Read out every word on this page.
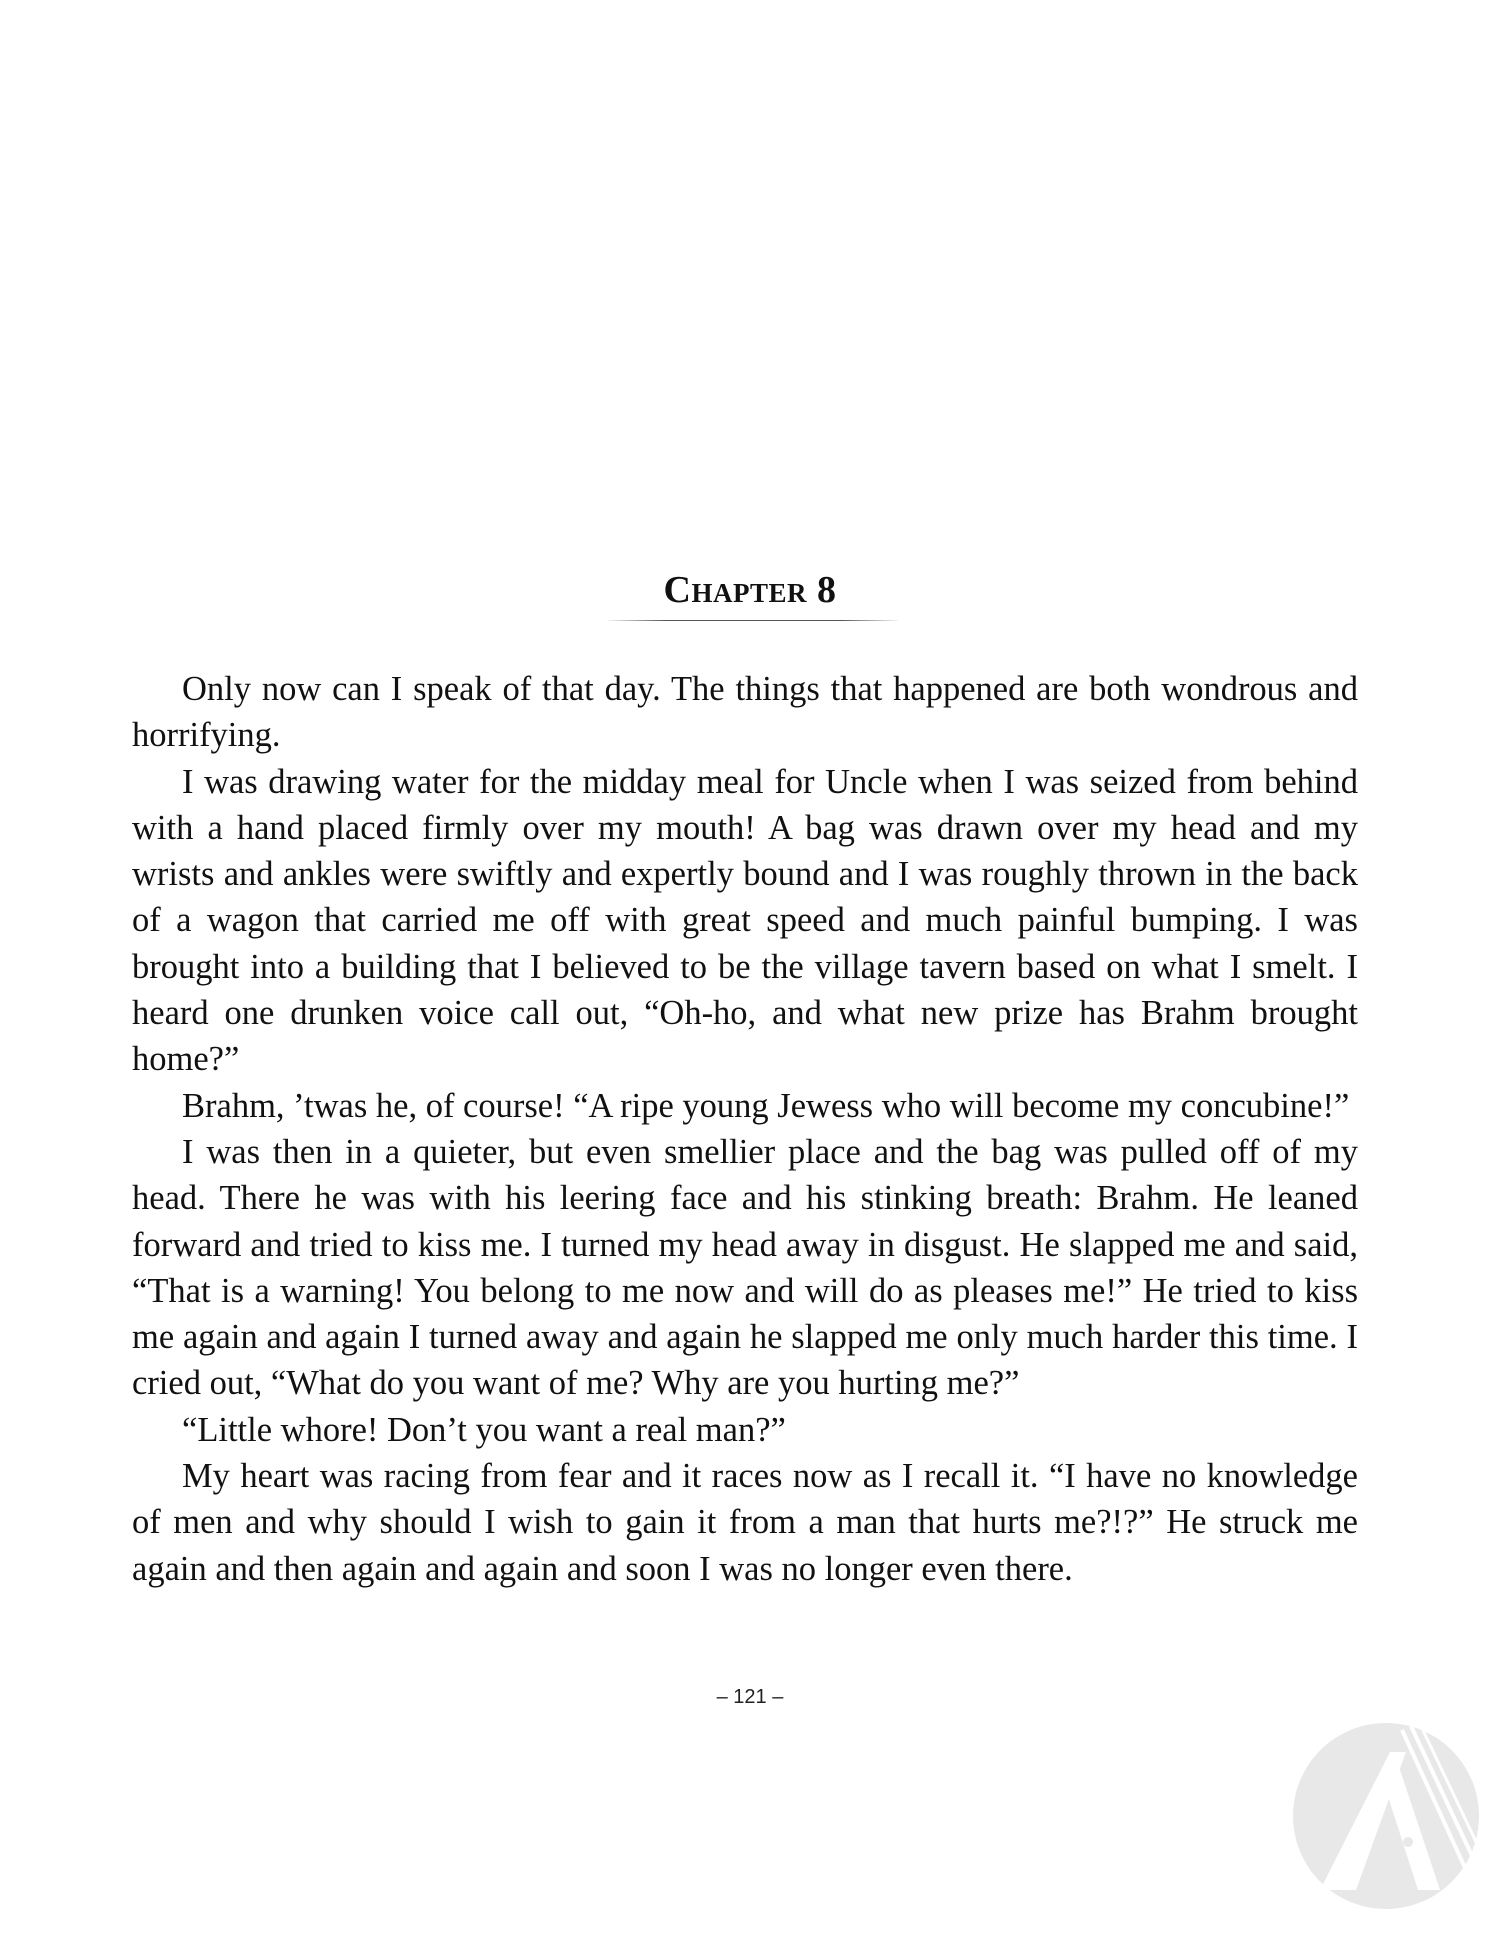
Chapter 8

Only now can I speak of that day. The things that happened are both wondrous and horrifying.

I was drawing water for the midday meal for Uncle when I was seized from behind with a hand placed firmly over my mouth! A bag was drawn over my head and my wrists and ankles were swiftly and expertly bound and I was roughly thrown in the back of a wagon that carried me off with great speed and much painful bumping. I was brought into a building that I believed to be the village tavern based on what I smelt. I heard one drunken voice call out, “Oh-ho, and what new prize has Brahm brought home?”

Brahm, ’twas he, of course! “A ripe young Jewess who will become my concubine!”

I was then in a quieter, but even smellier place and the bag was pulled off of my head. There he was with his leering face and his stinking breath: Brahm. He leaned forward and tried to kiss me. I turned my head away in disgust. He slapped me and said, “That is a warning! You belong to me now and will do as pleases me!” He tried to kiss me again and again I turned away and again he slapped me only much harder this time. I cried out, “What do you want of me? Why are you hurting me?”

“Little whore! Don’t you want a real man?”

My heart was racing from fear and it races now as I recall it. “I have no knowledge of men and why should I wish to gain it from a man that hurts me?!?” He struck me again and then again and again and soon I was no longer even there.

– 121 –
